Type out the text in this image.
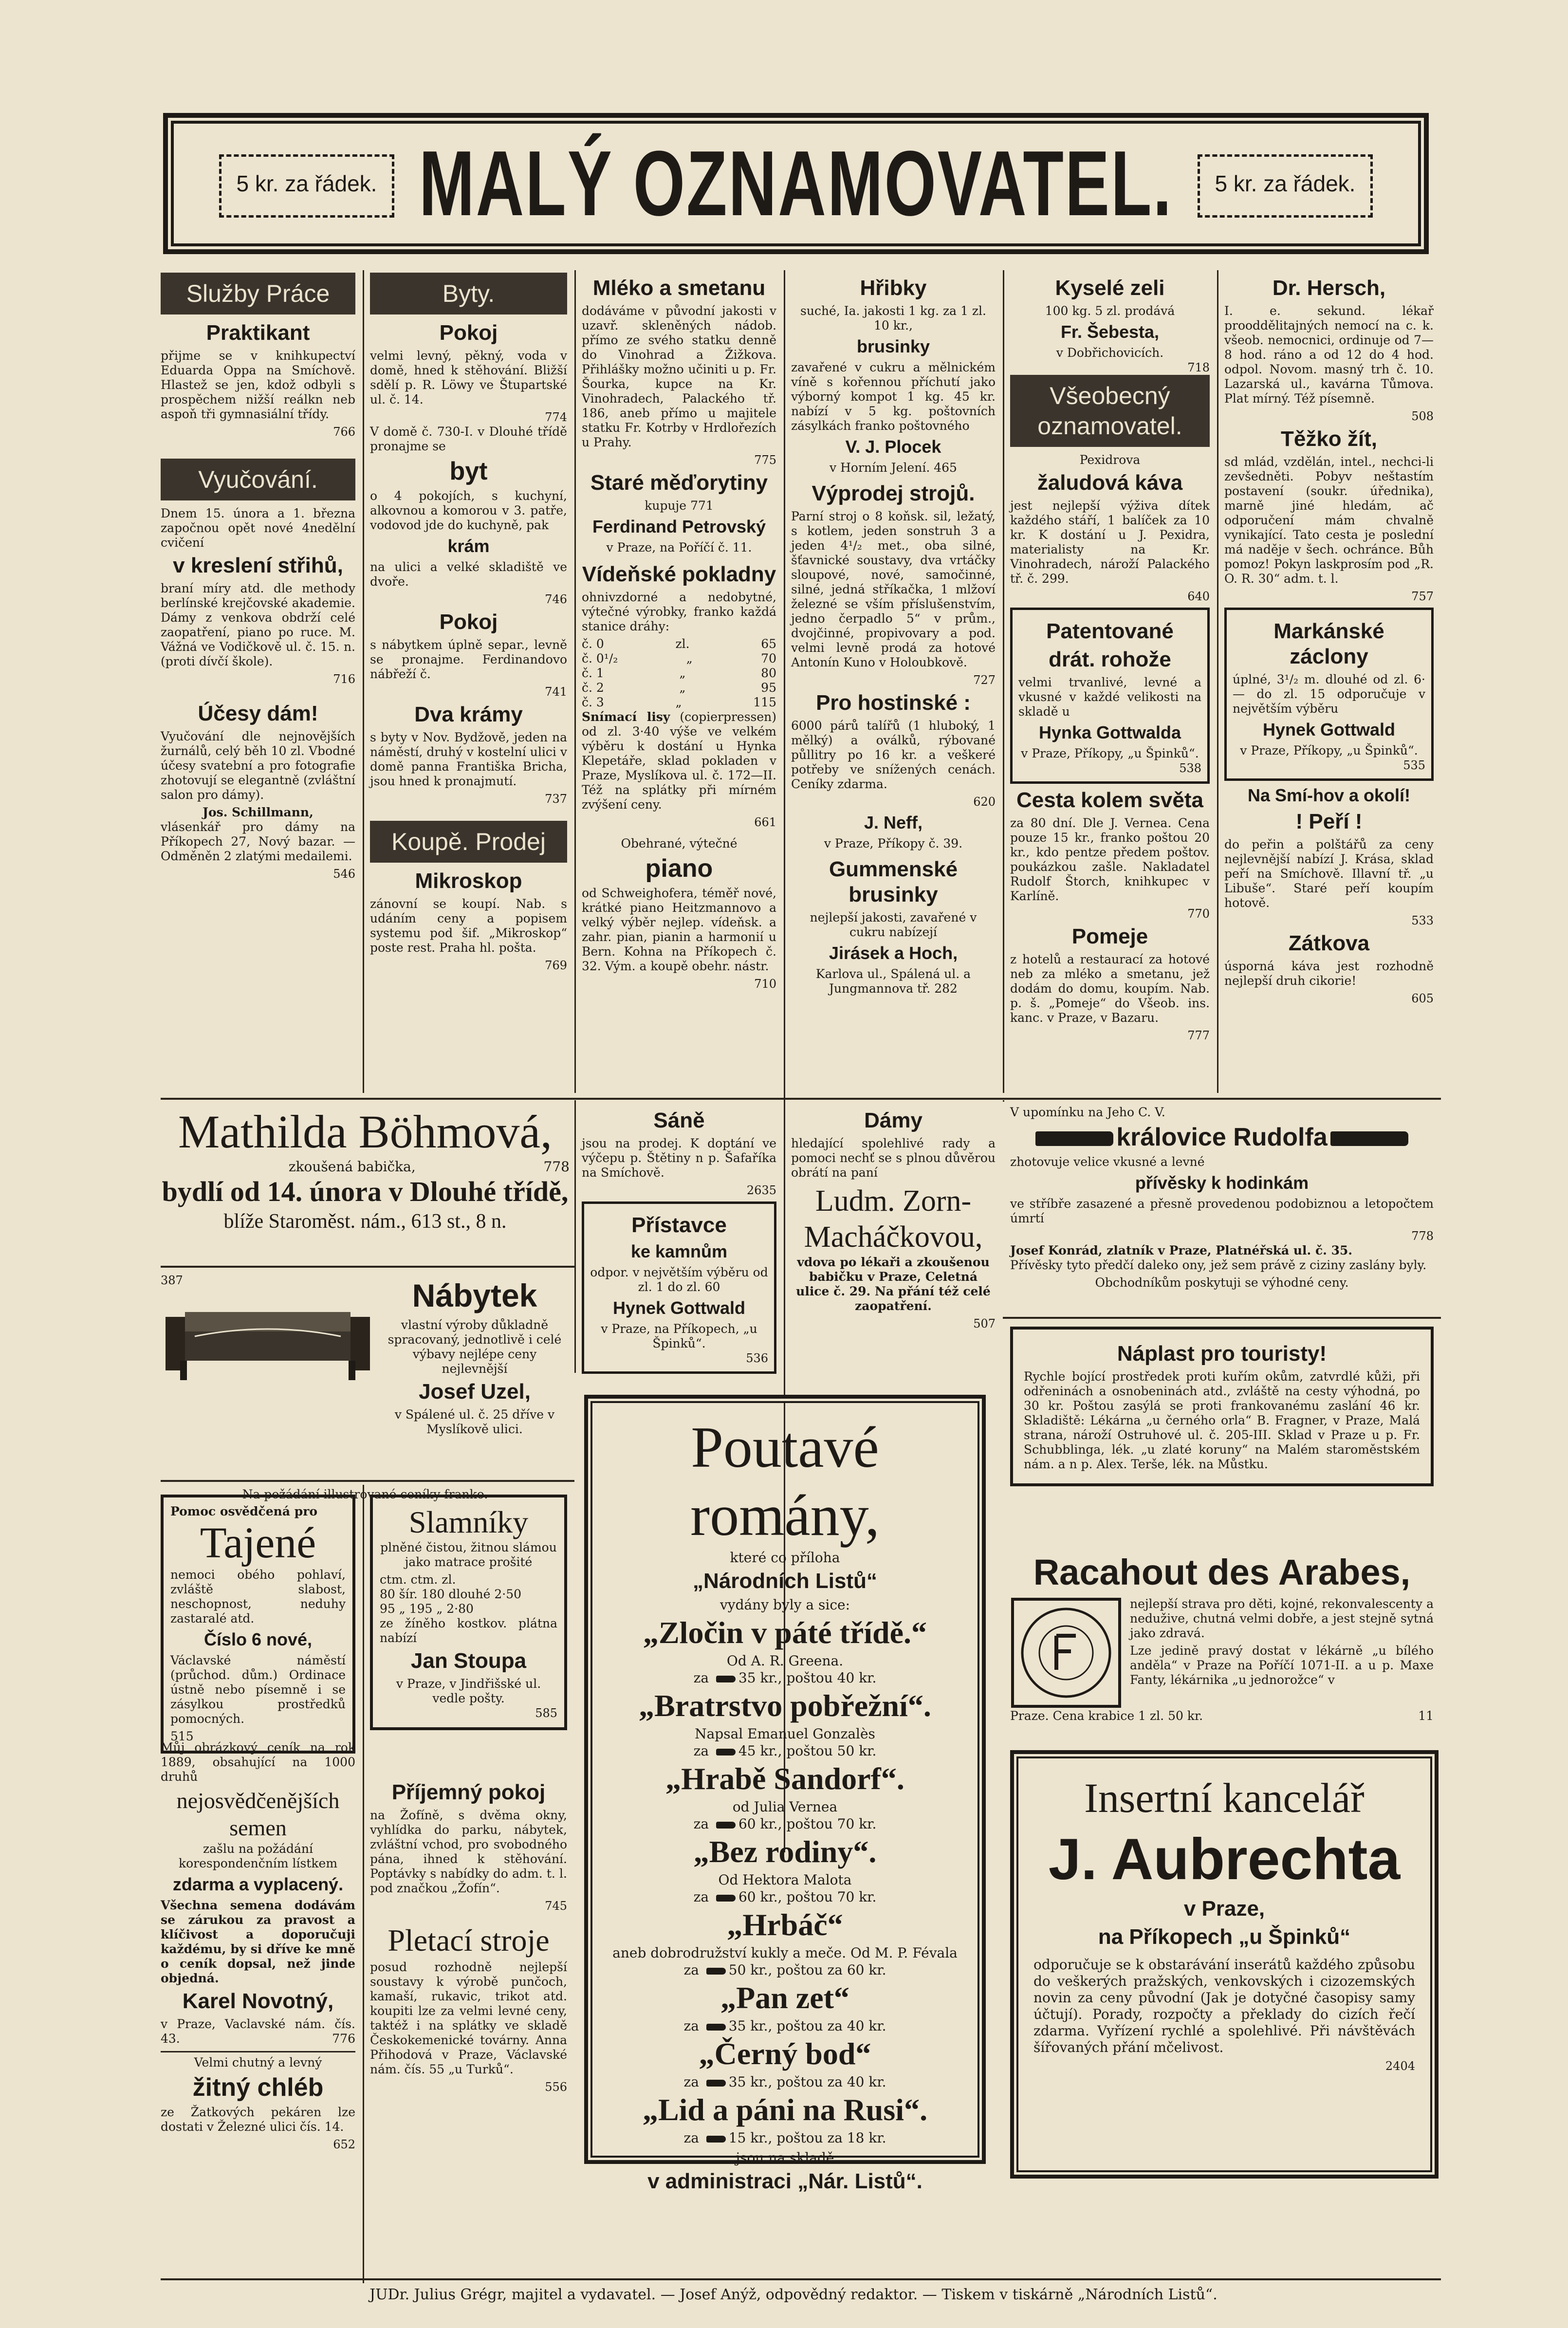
5 kr. za řádek. MALÝ OZNAMOVATEL.	5 kr. za řádek.
Služby Práce
Praktikant

přijme se v knihkupectví Eduarda Oppa na Smíchově. Hlastež se jen, kdož odbyli s prospěchem nižší reálkn neb aspoň tři gymnasiální třídy.

766
Vyučování.

Dnem 15. února a 1. března započnou opět nové 4nedělní cvičení

v kreslení střihů,

braní míry atd. dle methody berlínské krejčovské akademie. Dámy z venkova obdrží celé zaopatření, piano po ruce. M. Vážná ve Vodičkově ul. č. 15. n. (proti dívčí škole).

716
Účesy dám!

Vyučování dle nejnovějších žurnálů, celý běh 10 zl. Vbodné účesy svatební a pro fotografie zhotovují se elegantně (zvláštní salon pro dámy).

Jos. Schillmann,

vlásenkář pro dámy na Příkopech 27, Nový bazar. — Odměněn 2 zlatými medailemi.

546
Byty.
Pokoj

velmi levný, pěkný, voda v domě, hned k stěhování. Bližší sdělí p. R. Löwy ve Štupartské ul. č. 14.

774

V domě č. 730-I. v Dlouhé třídě pronajme se

byt

o 4 pokojích, s kuchyní, alkovnou a komorou v 3. patře, vodovod jde do kuchyně, pak

krám

na ulici a velké skladiště ve dvoře.

746
Pokoj

s nábytkem úplně separ., levně se pronajme. Ferdinandovo nábřeží č.

741
Dva krámy

s byty v Nov. Bydžově, jeden na náměstí, druhý v kostelní ulici v domě panna Františka Bricha, jsou hned k pronajmutí.

737
Koupě. Prodej
Mikroskop

zánovní se koupí. Nab. s udáním ceny a popisem systemu pod šif. „Mikroskop“ poste rest. Praha hl. pošta.

769
Mléko a smetanu

dodáváme v původní jakosti v uzavř. skleněných nádob. přímo ze svého statku denně do Vinohrad a Žižkova. Přihlášky možno učiniti u p. Fr. Šourka, kupce na Kr. Vinohradech, Palackého tř. 186, aneb přímo u majitele statku Fr. Kotrby v Hrdlořezích u Prahy.

775
Staré měďorytiny
kupuje 771
Ferdinand Petrovský
v Praze, na Poříčí č. 11.
Vídeňské pokladny

ohnivzdorné a nedobytné, výtečné výrobky, franko každá stanice dráhy:

č. 0	zl.	65
č. 0¹/₂	„	70
č. 1	„	80
č. 2	„	95
č. 3	„	115

Snímací lisy (copierpressen) od zl. 3·40 výše ve velkém výběru k dostání u Hynka Klepetáře, sklad pokladen v Praze, Myslíkova ul. č. 172—II. Též na splátky při mírném zvýšení ceny.

661
Obehrané, výtečné
piano

od Schweighofera, téměř nové, krátké piano Heitzmannovo a velký výběr nejlep. vídeňsk. a zahr. pian, pianin a harmonií u Bern. Kohna na Příkopech č. 32. Vým. a koupě obehr. nástr.

710
Hřibky

suché, Ia. jakosti 1 kg. za 1 zl. 10 kr.,

brusinky

zavařené v cukru a mělnickém víně s kořennou příchutí jako výborný kompot 1 kg. 45 kr. nabízí v 5 kg. poštovních zásylkách franko poštovného

V. J. Plocek
v Horním Jelení. 465
Výprodej strojů.

Parní stroj o 8 koňsk. sil, ležatý, s kotlem, jeden sonstruh 3 a jeden 4¹/₂ met., oba silné, šťavnické soustavy, dva vrtáčky sloupové, nové, samočinné, silné, jedná stříkačka, 1 mlžoví železné se vším příslušenstvím, jedno čerpadlo 5“ v prům., dvojčinné, propivovary a pod. velmi levně prodá za hotové Antonín Kuno v Holoubkově.

727
Pro hostinské :

6000 párů talířů (1 hluboký, 1 mělký) a oválků, rýbované půllitry po 16 kr. a veškeré potřeby ve snížených cenách. Ceníky zdarma.

620
J. Neff,
v Praze, Příkopy č. 39.
Gummenské brusinky

nejlepší jakosti, zavařené v cukru nabízejí

Jirásek a Hoch,
Karlova ul., Spálená ul. a Jungmannova tř. 282
Kyselé zeli

100 kg. 5 zl. prodává

Fr. Šebesta,
v Dobřichovicích.
718
Všeobecný oznamovatel.
Pexidrova
žaludová káva

jest nejlepší výživa dítek každého stáří, 1 balíček za 10 kr. K dostání u J. Pexidra, materialisty na Kr. Vinohradech, nároží Palackého tř. č. 299.

640
Patentované
drát. rohože

velmi trvanlivé, levné a vkusné v každé velikosti na skladě u

Hynka Gottwalda
v Praze, Příkopy, „u Špinků“.
538
Cesta kolem světa

za 80 dní. Dle J. Vernea. Cena pouze 15 kr., franko poštou 20 kr., kdo pentze předem poštov. poukázkou zašle. Nakladatel Rudolf Štorch, knihkupec v Karlíně.

770
Pomeje

z hotelů a restaurací za hotové neb za mléko a smetanu, jež dodám do domu, koupím. Nab. p. š. „Pomeje“ do Všeob. ins. kanc. v Praze, v Bazaru.

777
Dr. Hersch,

I. e. sekund. lékař prooddělitajných nemocí na c. k. všeob. nemocnici, ordinuje od 7—8 hod. ráno a od 12 do 4 hod. odpol. Novom. masný trh č. 10. Lazarská ul., kavárna Tůmova. Plat mírný. Též písemně.

508
Těžko žít,

sd mlád, vzdělán, intel., nechci-li zevšedněti. Pobyv neštastím postavení (soukr. úřednika), marně jiné hledám, ač odporučení mám chvalně vynikající. Tato cesta je poslední má naděje v šech. ochránce. Bůh pomoz! Pokyn laskprosím pod „R. O. R. 30“ adm. t. l.

757
Markánské záclony

úplné, 3¹/₂ m. dlouhé od zl. 6·— do zl. 15 odporučuje v největším výběru

Hynek Gottwald
v Praze, Příkopy, „u Špinků“.
535
Na Smí-hov a okolí!
! Peří !

do peřin a polštářů za ceny nejlevnější nabízí J. Krása, sklad peří na Smíchově. Illavní tř. „u Libuše“. Staré peří koupím hotově.

533
Zátkova

úsporná káva jest rozhodně nejlepší druh cikorie!

605
Mathilda Böhmová,
zkoušená babička,	778
bydlí od 14. února v Dlouhé třídě,
blíže Staroměst. nám., 613 st., 8 n.
387	Nábytek

vlastní výroby důkladně spracovaný, jednotlivě i celé výbavy nejlépe ceny nejlevnější

Josef Uzel,

v Spálené ul. č. 25 dříve v Myslíkově ulici.

Na požádání illustrované ceníky franko.
Sáně

jsou na prodej. K doptání ve výčepu p. Štětiny n p. Šafaříka na Smíchově.

2635
Přístavce
ke kamnům

odpor. v největším výběru od zl. 1 do zl. 60

Hynek Gottwald
v Praze, na Příkopech, „u Špinků“.
536
Dámy

hledající spolehlivé rady a pomoci nechť se s plnou důvěrou obrátí na paní

Ludm. Zorn-
Macháčkovou,

vdova po lékaři a zkoušenou babičku v Praze, Celetná ulice č. 29. Na přání též celé zaopatření.

507
V upomínku na Jeho C. V.
královice Rudolfa
zhotovuje velice vkusné a levné
přívěsky k hodinkám

ve stříbře zasazené a přesně provedenou podobiznou a letopočtem úmrtí

778
Josef Konrád, zlatník v Praze, Platnéřská ul. č. 35.

Přívěsky tyto předčí daleko ony, jež sem právě z ciziny zaslány byly.

Obchodníkům poskytuji se výhodné ceny.
Náplast pro touristy!

Rychle bojící prostředek proti kuřím okům, zatvrdlé kůži, při odřeninách a osnobeninách atd., zvláště na cesty výhodná, po 30 kr. Poštou zasýlá se proti frankovanému zaslání 46 kr. Skladiště: Lékárna „u černého orla“ B. Fragner, v Praze, Malá strana, nároží Ostruhové ul. č. 205-III. Sklad v Praze u p. Fr. Schubblinga, lék. „u zlaté koruny“ na Malém staroměstském nám. a n p. Alex. Terše, lék. na Můstku.

Racahout des Arabes,

nejlepší strava pro děti, kojné, rekonvalescenty a nedužive, chutná velmi dobře, a jest stejně sytná jako zdravá.

Lze jedině pravý dostat v lékárně „u bílého anděla“ v Praze na Poříčí 1071-II. a u p. Maxe Fanty, lékárnika „u jednorožce“ v

Praze. Cena krabice 1 zl. 50 kr.	11
Pomoc osvědčená pro
Tajené

nemoci obého pohlaví, zvláště slabost, neschopnost, neduhy zastaralé atd.

Číslo 6 nové,

Václavské náměstí (průchod. dům.) Ordinace ústně nebo písemně i se zásylkou prostředků pomocných.

515
Slamníky

plněné čistou, žitnou slámou jako matrace prošité

ctm. ctm. zl.
80 šír. 180 dlouhé 2·50
95 „ 195 „ 2·80
ze žíněho kostkov. plátna nabízí
Jan Stoupa
v Praze, v Jindřišské ul. vedle pošty.
585

Můj obrázkový ceník na rok 1889, obsahující na 1000 druhů

nejosvědčenějších semen

zašlu na požádání korespondenčním lístkem

zdarma a vyplacený.

Všechna semena dodávám se zárukou za pravost a klíčivost a doporučuji každému, by si dříve ke mně o ceník dopsal, než jinde objedná.

Karel Novotný,
v Praze, Vaclavské nám. čís. 43.	776
Velmi chutný a levný
žitný chléb

ze Žatkových pekáren lze dostati v Železné ulici čís. 14.

652
Příjemný pokoj

na Žofíně, s dvěma okny, vyhlídka do parku, nábytek, zvláštní vchod, pro svobodného pána, ihned k stěhování. Poptávky s nabídky do adm. t. l. pod značkou „Žofín“.

745
Pletací stroje

posud rozhodně nejlepší soustavy k výrobě punčoch, kamaší, rukavic, trikot atd. koupiti lze za velmi levné ceny, taktéž i na splátky ve skladě Českokemenické továrny. Anna Přihodová v Praze, Václavské nám. čís. 55 „u Turků“.

556
Poutavé romány,
které co příloha
„Národních Listů“
vydány byly a sice:
„Zločin v páté třídě.“
Od A. R. Greena.
za 35 kr., poštou 40 kr.
„Bratrstvo pobřežní“.
Napsal Emanuel Gonzalès
za 45 kr., poštou 50 kr.
„Hrabě Sandorf“.
od Julia Vernea
za 60 kr., poštou 70 kr.
„Bez rodiny“.
Od Hektora Malota
za 60 kr., poštou 70 kr.
„Hrbáč“
aneb dobrodružství kukly a meče. Od M. P. Févala
za 50 kr., poštou za 60 kr.
„Pan zet“
za 35 kr., poštou za 40 kr.
„Černý bod“
za 35 kr., poštou za 40 kr.
„Lid a páni na Rusi“.
za 15 kr., poštou za 18 kr.
jsou na skladě
v administraci „Nár. Listů“.
Insertní kancelář
J. Aubrechta
v Praze,
na Příkopech „u Špinků“

odporučuje se k obstarávání inserátů každého způsobu do veškerých pražských, venkovských i cizozemských novin za ceny původní (Jak je dotyčné časopisy samy účtují). Porady, rozpočty a překlady do cizích řečí zdarma. Vyřízení rychlé a spolehlivé. Při návštěvách šířovaných přání mčelivost.

2404
JUDr. Julius Grégr, majitel a vydavatel. — Josef Anýž, odpovědný redaktor. — Tiskem v tiskárně „Národních Listů“.
